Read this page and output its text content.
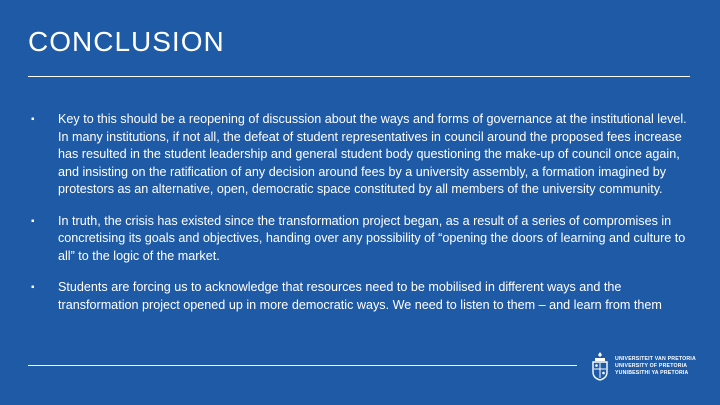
CONCLUSION
▪ Key to this should be a reopening of discussion about the ways and forms of governance at the institutional level. In many institutions, if not all, the defeat of student representatives in council around the proposed fees increase has resulted in the student leadership and general student body questioning the make-up of council once again, and insisting on the ratification of any decision around fees by a university assembly, a formation imagined by protestors as an alternative, open, democratic space constituted by all members of the university community.
▪ In truth, the crisis has existed since the transformation project began, as a result of a series of compromises in concretising its goals and objectives, handing over any possibility of “opening the doors of learning and culture to all” to the logic of the market.
▪ Students are forcing us to acknowledge that resources need to be mobilised in different ways and the transformation project opened up in more democratic ways. We need to listen to them – and learn from them
UNIVERSITEIT VAN PRETORIA
UNIVERSITY OF PRETORIA
YUNIBESITHI YA PRETORIA
